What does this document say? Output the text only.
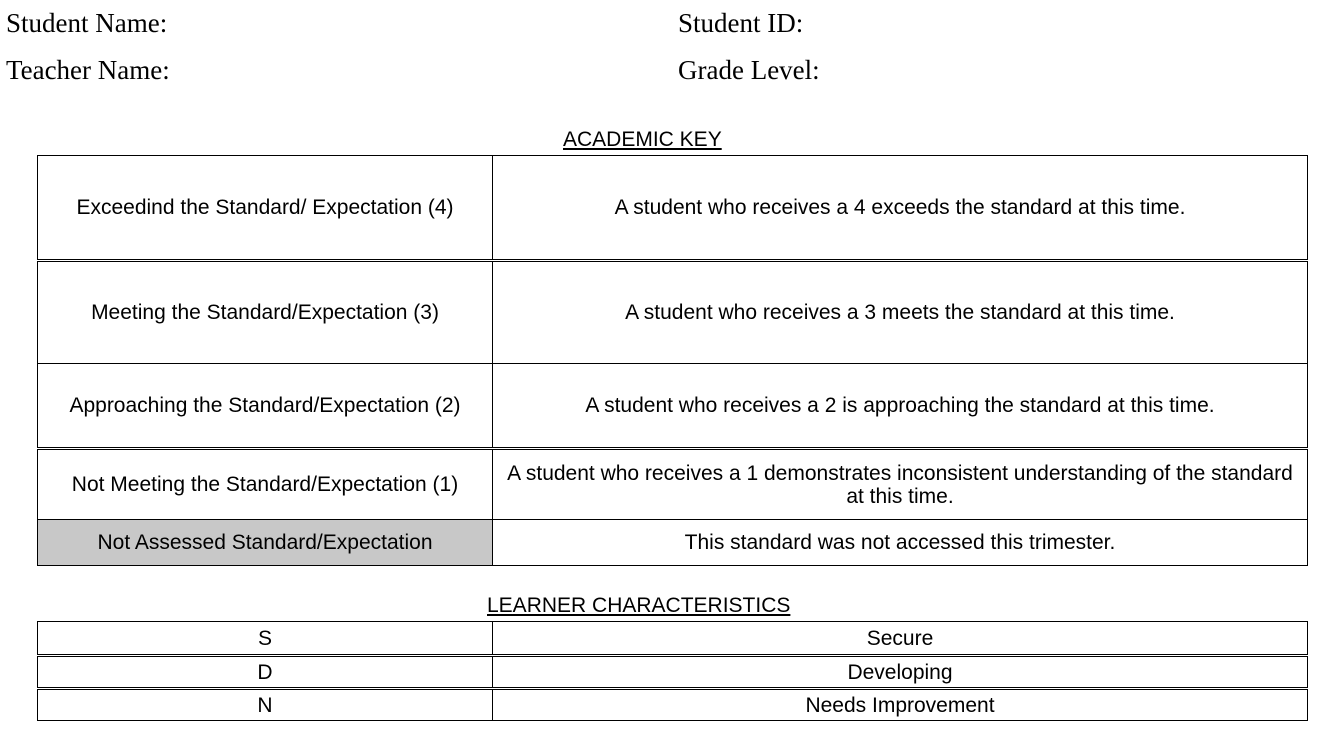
Student Name:	Student ID:
Teacher Name:	Grade Level:
ACADEMIC KEY
Exceedind the Standard/ Expectation (4)	A student who receives a 4 exceeds the standard at this time.
Meeting the Standard/Expectation (3)	A student who receives a 3 meets the standard at this time.
Approaching the Standard/Expectation (2)	A student who receives a 2 is approaching the standard at this time.
Not Meeting the Standard/Expectation (1)	A student who receives a 1 demonstrates inconsistent understanding of the standard at this time.
Not Assessed Standard/Expectation	This standard was not accessed this trimester.
LEARNER CHARACTERISTICS
S	Secure
D	Developing
N	Needs Improvement
